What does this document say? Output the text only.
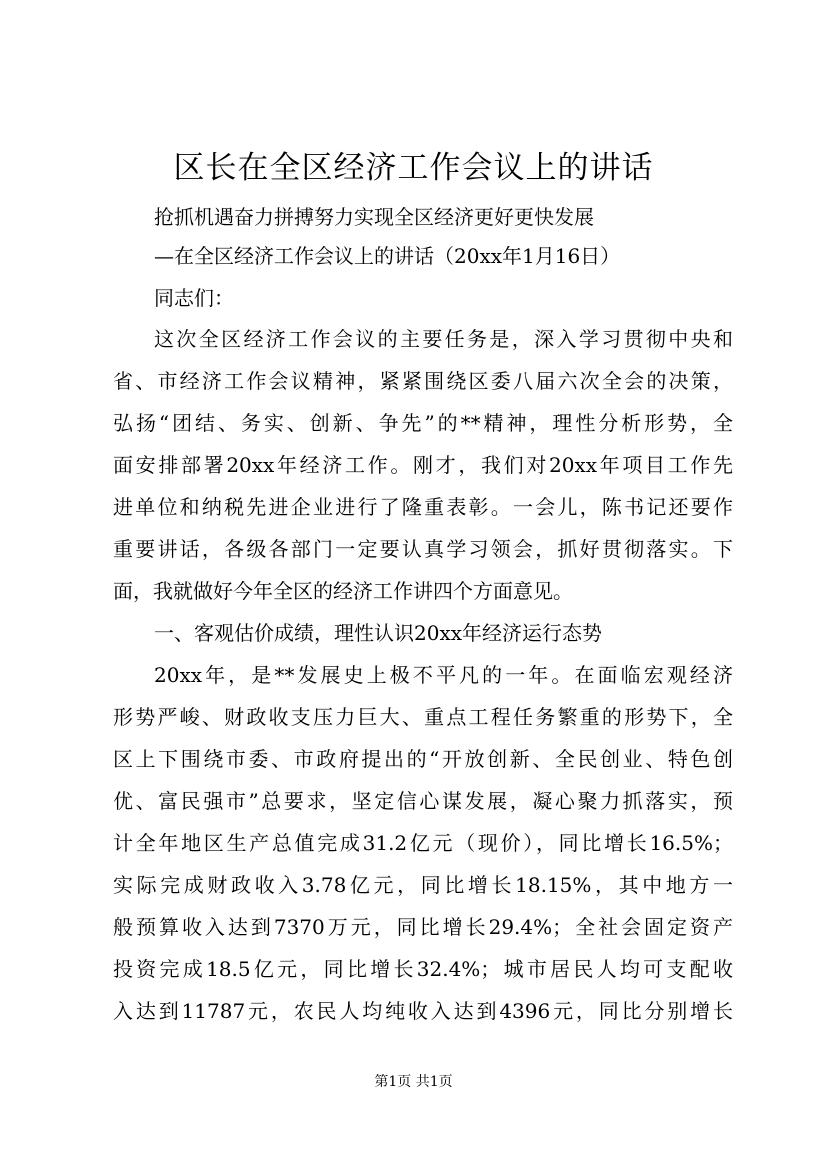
区长在全区经济工作会议上的讲话

抢抓机遇奋力拼搏努力实现全区经济更好更快发展

—在全区经济工作会议上的讲话（20xx年1月16日）

同志们：

这次全区经济工作会议的主要任务是，深入学习贯彻中央和

省、市经济工作会议精神，紧紧围绕区委八届六次全会的决策，

弘扬“团结、务实、创新、争先”的**精神，理性分析形势，全

面安排部署20xx年经济工作。刚才，我们对20xx年项目工作先

进单位和纳税先进企业进行了隆重表彰。一会儿，陈书记还要作

重要讲话，各级各部门一定要认真学习领会，抓好贯彻落实。下

面，我就做好今年全区的经济工作讲四个方面意见。

一、客观估价成绩，理性认识20xx年经济运行态势

20xx年，是**发展史上极不平凡的一年。在面临宏观经济

形势严峻、财政收支压力巨大、重点工程任务繁重的形势下，全

区上下围绕市委、市政府提出的“开放创新、全民创业、特色创

优、富民强市”总要求，坚定信心谋发展，凝心聚力抓落实，预

计全年地区生产总值完成31.2亿元（现价），同比增长16.5%；

实际完成财政收入3.78亿元，同比增长18.15%，其中地方一

般预算收入达到7370万元，同比增长29.4%；全社会固定资产

投资完成18.5亿元，同比增长32.4%；城市居民人均可支配收

入达到11787元，农民人均纯收入达到4396元，同比分别增长

第1页 共1页
